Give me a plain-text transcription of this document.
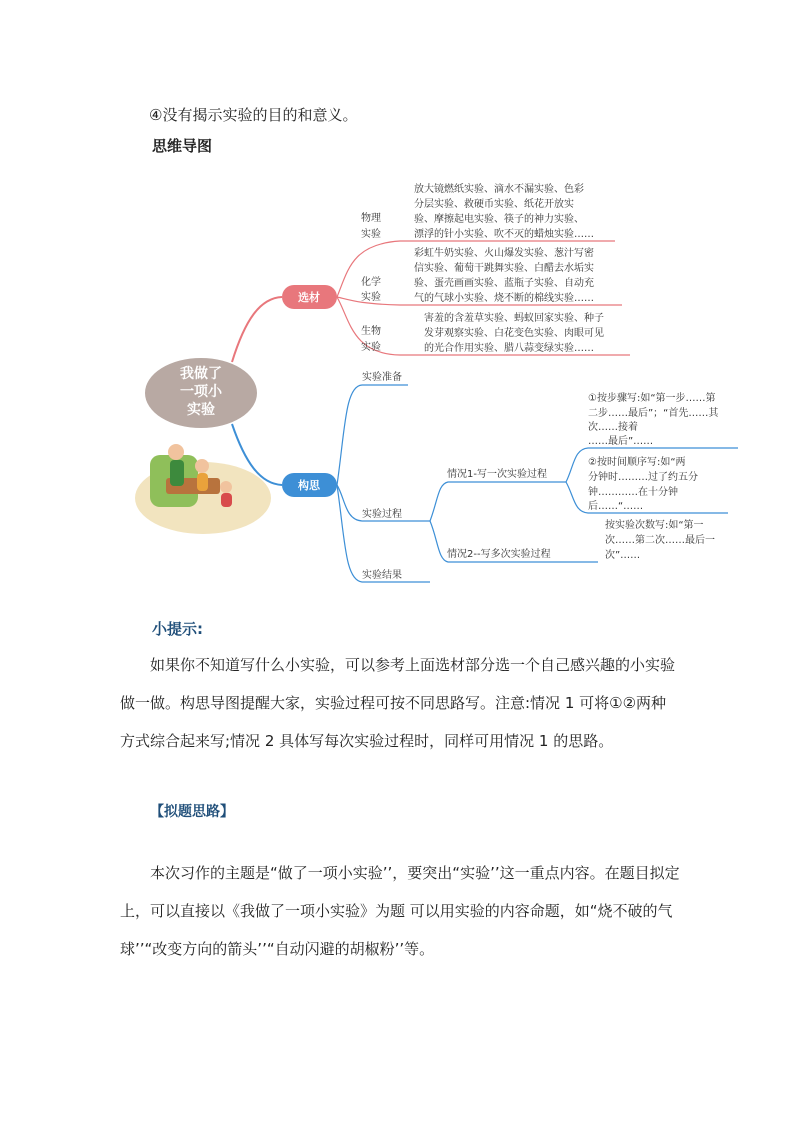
④没有揭示实验的目的和意义。
思维导图
我做了
一项小
实验
选材
物理
实验
放大镜燃纸实验、滴水不漏实验、色彩
分层实验、救硬币实验、纸花开放实
验、摩擦起电实验、筷子的神力实验、
漂浮的针小实验、吹不灭的蜡烛实验……
化学
实验
彩虹牛奶实验、火山爆发实验、葱汁写密
信实验、葡萄干跳舞实验、白醋去水垢实
验、蛋壳画画实验、蓝瓶子实验、自动充
气的气球小实验、烧不断的棉线实验……
生物
实验
害羞的含羞草实验、蚂蚁回家实验、种子
发芽观察实验、白花变色实验、肉眼可见
的光合作用实验、腊八蒜变绿实验……
构思
实验准备
实验过程
实验结果
情况1-写一次实验过程
情况2--写多次实验过程
①按步骤写:如“第一步……第
二步……最后”；“首先……其
次……接着
……最后”……
②按时间顺序写:如“两
分钟时………过了约五分
钟…………在十分钟
后……“……
按实验次数写:如“第一
次……第二次……最后一
次”……
小提示:
如果你不知道写什么小实验，可以参考上面选材部分选一个自己感兴趣的小实验做一做。构思导图提醒大家，实验过程可按不同思路写。注意:情况 1 可将①②两种方式综合起来写;情况 2 具体写每次实验过程时，同样可用情况 1 的思路。
【拟题思路】
本次习作的主题是“做了一项小实验’’，要突出“实验’’这一重点内容。在题目拟定上，可以直接以《我做了一项小实验》为题 可以用实验的内容命题，如“烧不破的气球’’“改变方向的箭头’’“自动闪避的胡椒粉’’等。
